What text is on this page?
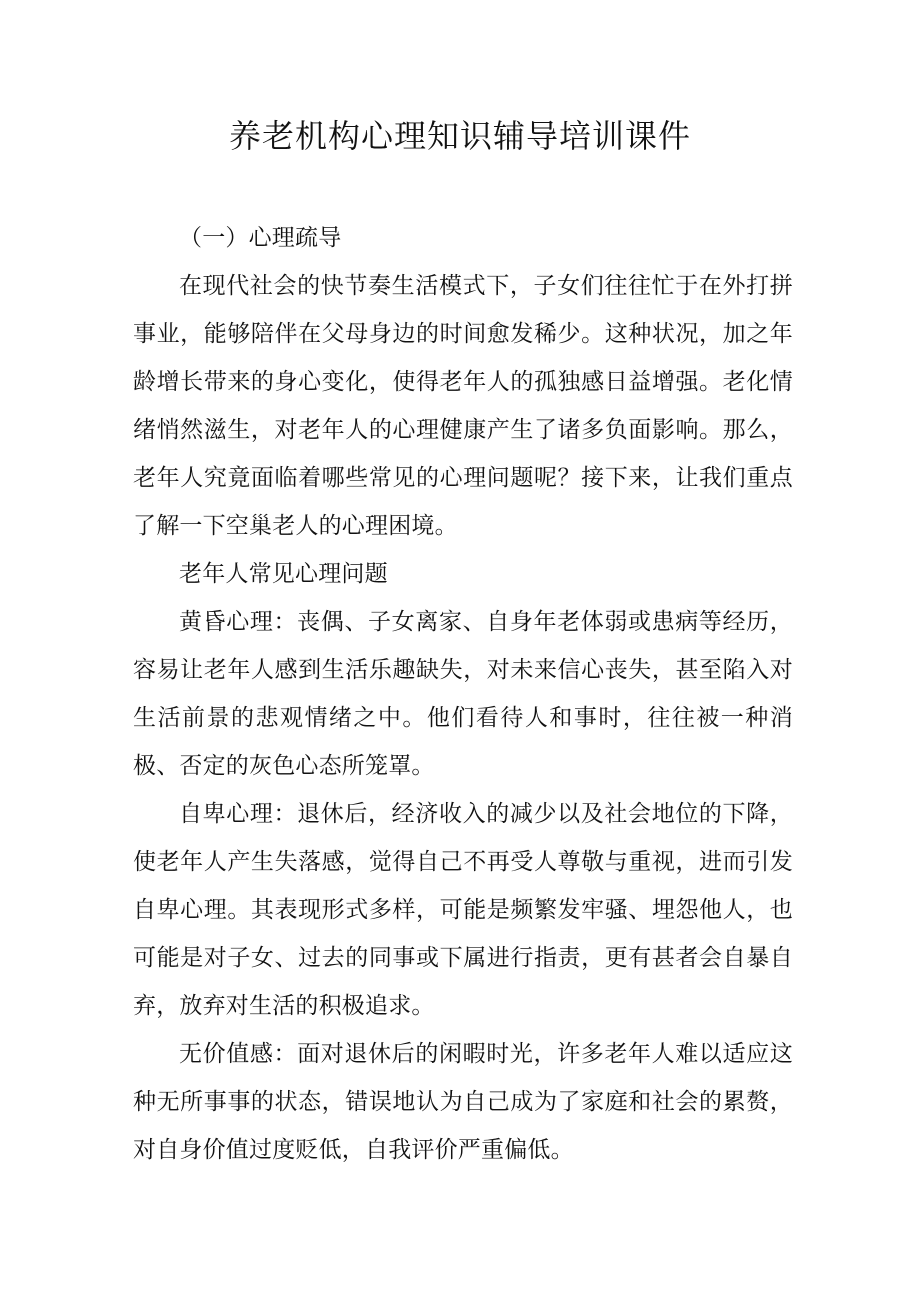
养老机构心理知识辅导培训课件
（一）心理疏导

在现代社会的快节奏生活模式下，子女们往往忙于在外打拼事业，能够陪伴在父母身边的时间愈发稀少。这种状况，加之年龄增长带来的身心变化，使得老年人的孤独感日益增强。老化情绪悄然滋生，对老年人的心理健康产生了诸多负面影响。那么，老年人究竟面临着哪些常见的心理问题呢？接下来，让我们重点了解一下空巢老人的心理困境。

老年人常见心理问题

黄昏心理：丧偶、子女离家、自身年老体弱或患病等经历，容易让老年人感到生活乐趣缺失，对未来信心丧失，甚至陷入对生活前景的悲观情绪之中。他们看待人和事时，往往被一种消极、否定的灰色心态所笼罩。

自卑心理：退休后，经济收入的减少以及社会地位的下降，使老年人产生失落感，觉得自己不再受人尊敬与重视，进而引发自卑心理。其表现形式多样，可能是频繁发牢骚、埋怨他人，也可能是对子女、过去的同事或下属进行指责，更有甚者会自暴自弃，放弃对生活的积极追求。

无价值感：面对退休后的闲暇时光，许多老年人难以适应这种无所事事的状态，错误地认为自己成为了家庭和社会的累赘，对自身价值过度贬低，自我评价严重偏低。
